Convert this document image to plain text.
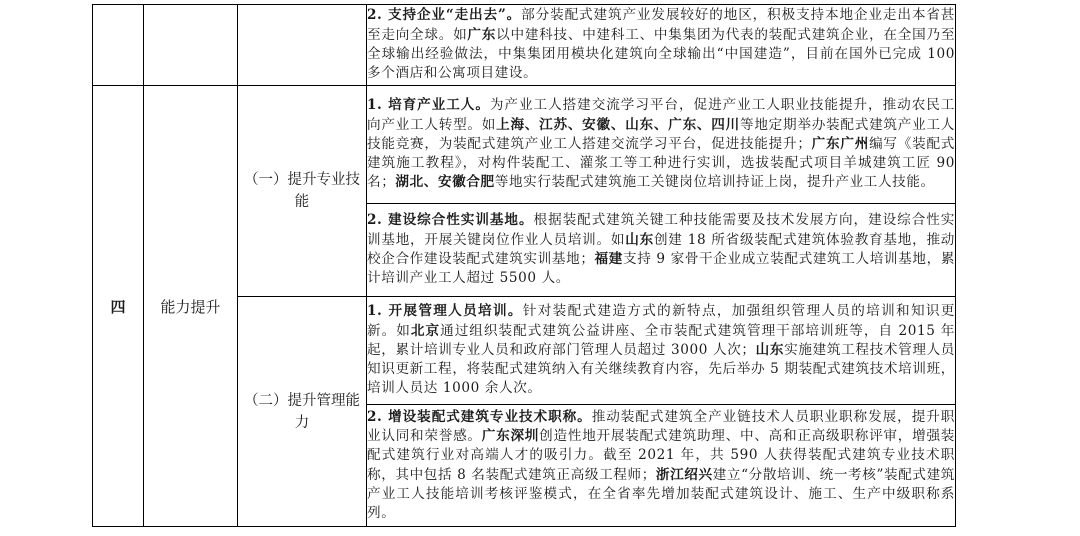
			2. 支持企业“走出去”。部分装配式建筑产业发展较好的地区，积极支持本地企业走出本省甚至走向全球。如广东以中建科技、中建科工、中集集团为代表的装配式建筑企业，在全国乃至全球输出经验做法，中集集团用模块化建筑向全球输出“中国建造”，目前在国外已完成 100 多个酒店和公寓项目建设。
四	能力提升	（一）提升专业技能	1. 培育产业工人。为产业工人搭建交流学习平台，促进产业工人职业技能提升，推动农民工向产业工人转型。如上海、江苏、安徽、山东、广东、四川等地定期举办装配式建筑产业工人技能竞赛，为装配式建筑产业工人搭建交流学习平台，促进技能提升；广东广州编写《装配式建筑施工教程》，对构件装配工、灌浆工等工种进行实训，选拔装配式项目羊城建筑工匠 90 名；湖北、安徽合肥等地实行装配式建筑施工关键岗位培训持证上岗，提升产业工人技能。
			2. 建设综合性实训基地。根据装配式建筑关键工种技能需要及技术发展方向，建设综合性实训基地，开展关键岗位作业人员培训。如山东创建 18 所省级装配式建筑体验教育基地，推动校企合作建设装配式建筑实训基地；福建支持 9 家骨干企业成立装配式建筑工人培训基地，累计培训产业工人超过 5500 人。
		（二）提升管理能力	1. 开展管理人员培训。针对装配式建造方式的新特点，加强组织管理人员的培训和知识更新。如北京通过组织装配式建筑公益讲座、全市装配式建筑管理干部培训班等，自 2015 年起，累计培训专业人员和政府部门管理人员超过 3000 人次；山东实施建筑工程技术管理人员知识更新工程，将装配式建筑纳入有关继续教育内容，先后举办 5 期装配式建筑技术培训班，培训人员达 1000 余人次。
			2. 增设装配式建筑专业技术职称。推动装配式建筑全产业链技术人员职业职称发展，提升职业认同和荣誉感。广东深圳创造性地开展装配式建筑助理、中、高和正高级职称评审，增强装配式建筑行业对高端人才的吸引力。截至 2021 年，共 590 人获得装配式建筑专业技术职称，其中包括 8 名装配式建筑正高级工程师；浙江绍兴建立“分散培训、统一考核”装配式建筑产业工人技能培训考核评鉴模式，在全省率先增加装配式建筑设计、施工、生产中级职称系列。
